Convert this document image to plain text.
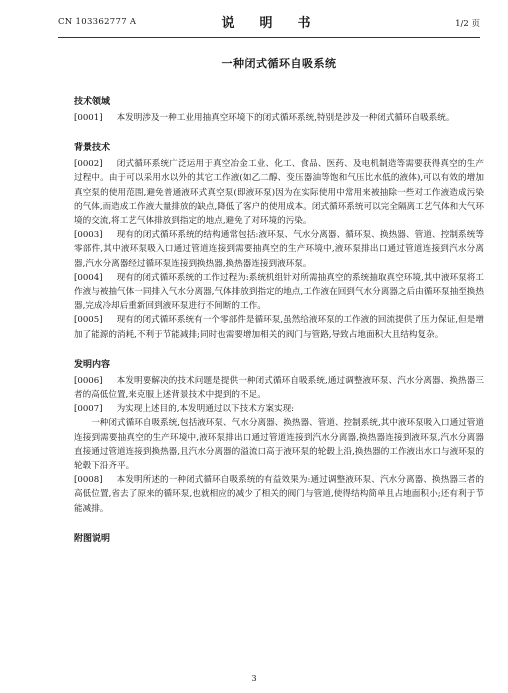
CN 103362777 A	说　明　书	1/2 页
一种闭式循环自吸系统
技术领域

[0001] 本发明涉及一种工业用抽真空环境下的闭式循环系统,特别是涉及一种闭式循环自吸系统。

背景技术

[0002] 闭式循环系统广泛运用于真空冶金工业、化工、食品、医药、及电机制造等需要获得真空的生产过程中。由于可以采用水以外的其它工作液(如乙二醇、变压器油等饱和气压比水低的液体),可以有效的增加真空泵的使用范围,避免普通液环式真空泵(即液环泵)因为在实际使用中常用来被抽除一些对工作液造成污染的气体,而造成工作液大量排放的缺点,降低了客户的使用成本。闭式循环系统可以完全隔离工艺气体和大气环境的交流,将工艺气体排放到指定的地点,避免了对环境的污染。

[0003] 现有的闭式循环系统的结构通常包括:液环泵、气水分离器、循环泵、换热器、管道、控制系统等零部件,其中液环泵吸入口通过管道连接到需要抽真空的生产环境中,液环泵排出口通过管道连接到汽水分离器,汽水分离器经过循环泵连接到换热器,换热器连接到液环泵。

[0004] 现有的闭式循环系统的工作过程为:系统机组针对所需抽真空的系统抽取真空环境,其中液环泵将工作液与被抽气体一同排入气水分离器,气体排放到指定的地点,工作液在回到气水分离器之后由循环泵抽至换热器,完成冷却后重新回到液环泵进行不间断的工作。

[0005] 现有的闭式循环系统有一个零部件是循环泵,虽然给液环泵的工作液的回流提供了压力保证,但是增加了能源的消耗,不利于节能减排;同时也需要增加相关的阀门与管路,导致占地面积大且结构复杂。

发明内容

[0006] 本发明要解决的技术问题是提供一种闭式循环自吸系统,通过调整液环泵、汽水分离器、换热器三者的高低位置,来克服上述背景技术中提到的不足。

[0007] 为实现上述目的,本发明通过以下技术方案实现:

一种闭式循环自吸系统,包括液环泵、气水分离器、换热器、管道、控制系统,其中液环泵吸入口通过管道连接到需要抽真空的生产环境中,液环泵排出口通过管道连接到汽水分离器,换热器连接到液环泵,汽水分离器直接通过管道连接到换热器,且汽水分离器的溢流口高于液环泵的轮毂上沿,换热器的工作液出水口与液环泵的轮毂下沿齐平。

[0008] 本发明所述的一种闭式循环自吸系统的有益效果为:通过调整液环泵、汽水分离器、换热器三者的高低位置,省去了原来的循环泵,也就相应的减少了相关的阀门与管道,使得结构简单且占地面积小;还有利于节能减排。

附图说明
3
